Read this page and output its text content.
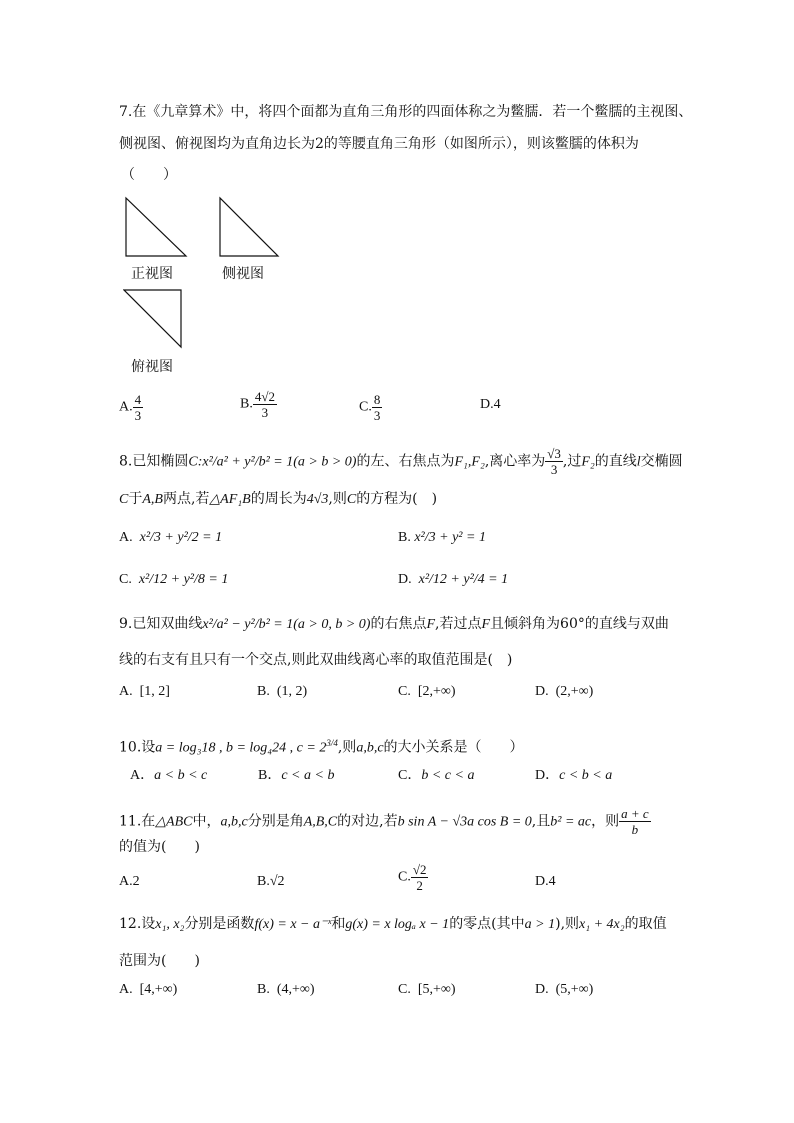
7.在《九章算术》中，将四个面都为直角三角形的四面体称之为鳖臑．若一个鳖臑的主视图、
侧视图、俯视图均为直角边长为2的等腰直角三角形（如图所示），则该鳖臑的体积为
（　　）
正视图	侧视图
俯视图
A. $\frac{4}{3}$	B. $\frac{4√2}{3}$	C. $\frac{8}{3}$	D.4
8.已知椭圆C:x²/a² + y²/b² = 1(a > b > 0)的左、右焦点为F₁,F₂,离心率为 $\frac{√3}{3}$ ,过F₂的直线l交椭圆
C于A,B两点,若△AF₁B的周长为4√3,则C的方程为(　)
A. x²/3 + y²/2 = 1	B. x²/3 + y² = 1
C. x²/12 + y²/8 = 1	D. x²/12 + y²/4 = 1
9.已知双曲线x²/a² − y²/b² = 1(a > 0, b > 0)的右焦点F,若过点F且倾斜角为60°的直线与双曲
线的右支有且只有一个交点,则此双曲线离心率的取值范围是(　)
A. [1, 2]	B. (1, 2)	C. [2,+∞)	D. (2,+∞)
10.设a = log₃18 , b = log₄24 , $c = 2^{3/4}$,则a,b,c的大小关系是（　　）
A．a < b < c	B．c < a < b	C．b < c < a	D．c < b < a
11.在△ABC中，a,b,c分别是角A,B,C的对边,若b sin A − √3a cos B = 0,且b² = ac，则 $\frac{a + c}{b}$
的值为(　　)
A.2	B.√2	C. $\frac{√2}{2}$	D.4
12.设x₁, x₂分别是函数f(x) = x − a⁻ˣ和g(x) = x logₐ x − 1的零点(其中a > 1),则x₁ + 4x₂的取值
范围为(　　)
A. [4,+∞)	B. (4,+∞)	C. [5,+∞)	D. (5,+∞)
